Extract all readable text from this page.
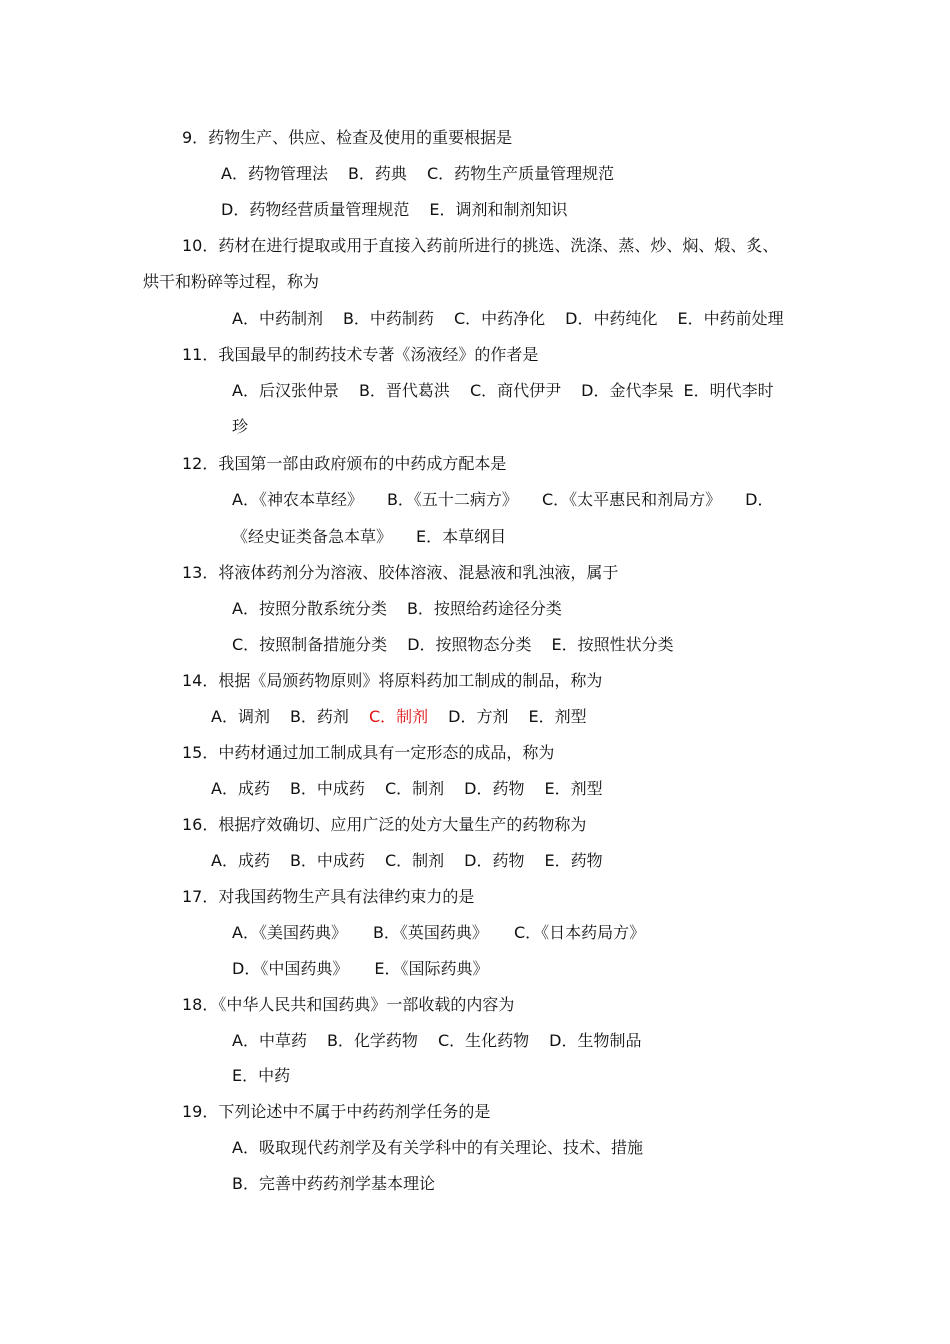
9．药物生产、供应、检查及使用的重要根据是
A．药物管理法 B．药典 C．药物生产质量管理规范
D．药物经营质量管理规范 E．调剂和制剂知识
10．药材在进行提取或用于直接入药前所进行的挑选、洗涤、蒸、炒、焖、煅、炙、
烘干和粉碎等过程，称为
A．中药制剂 B．中药制药 C．中药净化 D．中药纯化 E．中药前处理
11．我国最早的制药技术专著《汤液经》的作者是
A．后汉张仲景 B．晋代葛洪 C．商代伊尹 D．金代李杲 E．明代李时
珍
12．我国第一部由政府颁布的中药成方配本是
A．《神农本草经》 B．《五十二病方》 C．《太平惠民和剂局方》 D．
《经史证类备急本草》 E．本草纲目
13．将液体药剂分为溶液、胶体溶液、混悬液和乳浊液，属于
A．按照分散系统分类 B．按照给药途径分类
C．按照制备措施分类 D．按照物态分类 E．按照性状分类
14．根据《局颁药物原则》将原料药加工制成的制品，称为
A．调剂 B．药剂 C．制剂 D．方剂 E．剂型
15．中药材通过加工制成具有一定形态的成品，称为
A．成药 B．中成药 C．制剂 D．药物 E．剂型
16．根据疗效确切、应用广泛的处方大量生产的药物称为
A．成药 B．中成药 C．制剂 D．药物 E．药物
17．对我国药物生产具有法律约束力的是
A．《美国药典》 B．《英国药典》 C．《日本药局方》
D．《中国药典》 E．《国际药典》
18．《中华人民共和国药典》一部收载的内容为
A．中草药 B．化学药物 C．生化药物 D．生物制品
E．中药
19．下列论述中不属于中药药剂学任务的是
A．吸取现代药剂学及有关学科中的有关理论、技术、措施
B．完善中药药剂学基本理论
